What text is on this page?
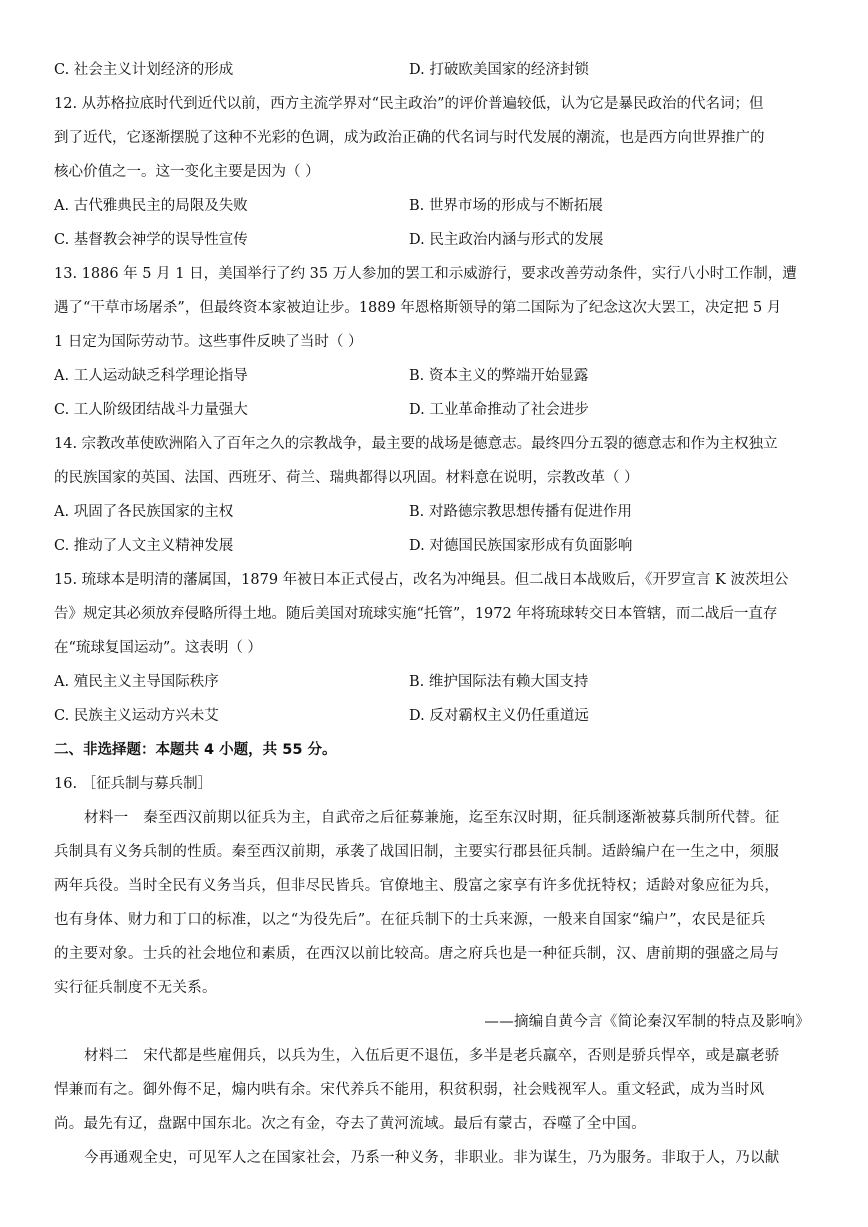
C. 社会主义计划经济的形成	D. 打破欧美国家的经济封锁
12. 从苏格拉底时代到近代以前，西方主流学界对“民主政治”的评价普遍较低，认为它是暴民政治的代名词；但
到了近代，它逐渐摆脱了这种不光彩的色调，成为政治正确的代名词与时代发展的潮流，也是西方向世界推广的
核心价值之一。这一变化主要是因为（ ）
A. 古代雅典民主的局限及失败	B. 世界市场的形成与不断拓展
C. 基督教会神学的误导性宣传	D. 民主政治内涵与形式的发展
13. 1886 年 5 月 1 日，美国举行了约 35 万人参加的罢工和示威游行，要求改善劳动条件，实行八小时工作制，遭
遇了“干草市场屠杀”，但最终资本家被迫让步。1889 年恩格斯领导的第二国际为了纪念这次大罢工，决定把 5 月
1 日定为国际劳动节。这些事件反映了当时（ ）
A. 工人运动缺乏科学理论指导	B. 资本主义的弊端开始显露
C. 工人阶级团结战斗力量强大	D. 工业革命推动了社会进步
14. 宗教改革使欧洲陷入了百年之久的宗教战争，最主要的战场是德意志。最终四分五裂的德意志和作为主权独立
的民族国家的英国、法国、西班牙、荷兰、瑞典都得以巩固。材料意在说明，宗教改革（ ）
A. 巩固了各民族国家的主权	B. 对路德宗教思想传播有促进作用
C. 推动了人文主义精神发展	D. 对德国民族国家形成有负面影响
15. 琉球本是明清的藩属国，1879 年被日本正式侵占，改名为冲绳县。但二战日本战败后，《开罗宣言 K 波茨坦公
告》规定其必须放弃侵略所得土地。随后美国对琉球实施“托管”，1972 年将琉球转交日本管辖，而二战后一直存
在“琉球复国运动”。这表明（ ）
A. 殖民主义主导国际秩序	B. 维护国际法有赖大国支持
C. 民族主义运动方兴未艾	D. 反对霸权主义仍任重道远
二、非选择题：本题共 4 小题，共 55 分。
16. ［征兵制与募兵制］
材料一　秦至西汉前期以征兵为主，自武帝之后征募兼施，迄至东汉时期，征兵制逐渐被募兵制所代替。征
兵制具有义务兵制的性质。秦至西汉前期，承袭了战国旧制，主要实行郡县征兵制。适龄编户在一生之中，须服
两年兵役。当时全民有义务当兵，但非尽民皆兵。官僚地主、殷富之家享有许多优抚特权；适龄对象应征为兵，
也有身体、财力和丁口的标准，以之“为役先后”。在征兵制下的士兵来源，一般来自国家“编户”，农民是征兵
的主要对象。士兵的社会地位和素质，在西汉以前比较高。唐之府兵也是一种征兵制，汉、唐前期的强盛之局与
实行征兵制度不无关系。
——摘编自黄今言《简论秦汉军制的特点及影响》
材料二　宋代都是些雇佣兵，以兵为生，入伍后更不退伍，多半是老兵羸卒，否则是骄兵悍卒，或是羸老骄
悍兼而有之。御外侮不足，煽内哄有余。宋代养兵不能用，积贫积弱，社会贱视军人。重文轻武，成为当时风
尚。最先有辽，盘踞中国东北。次之有金，夺去了黄河流域。最后有蒙古，吞噬了全中国。
今再通观全史，可见军人之在国家社会，乃系一种义务，非职业。非为谋生，乃为服务。非取于人，乃以献
